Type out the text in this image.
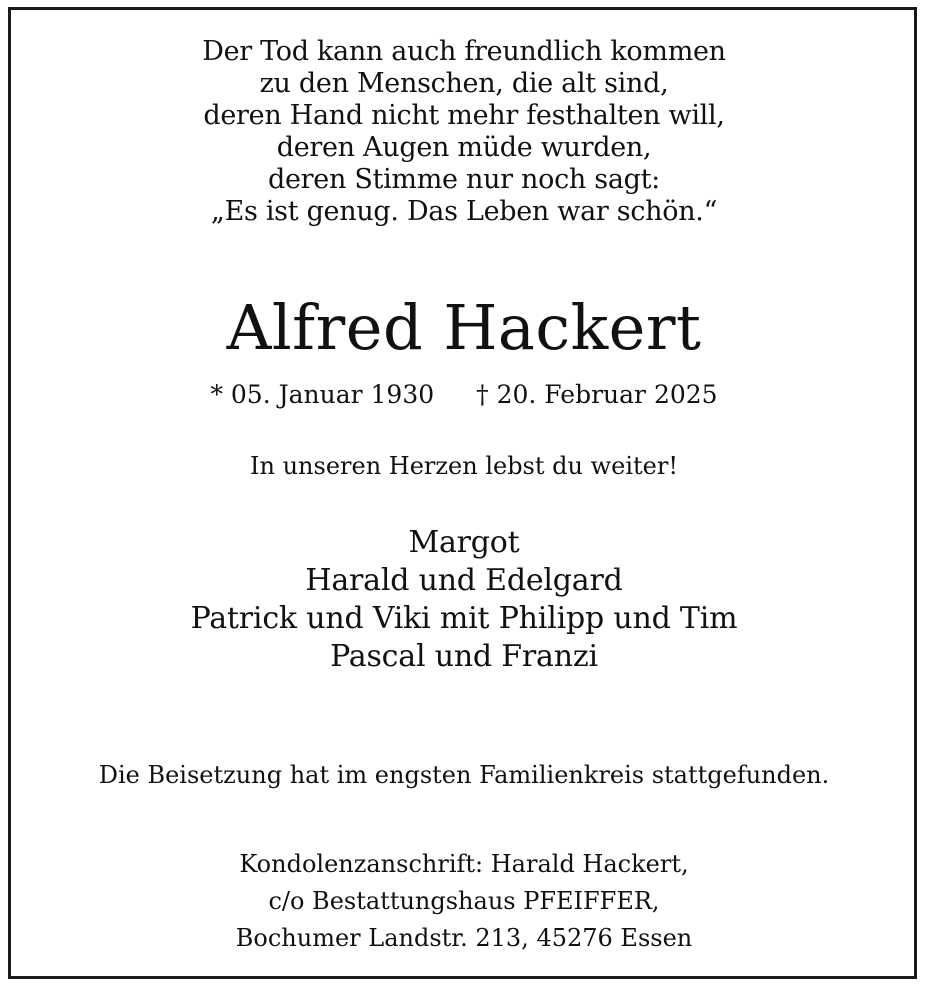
Der Tod kann auch freundlich kommen
zu den Menschen, die alt sind,
deren Hand nicht mehr festhalten will,
deren Augen müde wurden,
deren Stimme nur noch sagt:
„Es ist genug. Das Leben war schön.“
Alfred Hackert
* 05. Januar 1930 † 20. Februar 2025
In unseren Herzen lebst du weiter!
Margot
Harald und Edelgard
Patrick und Viki mit Philipp und Tim
Pascal und Franzi
Die Beisetzung hat im engsten Familienkreis stattgefunden.
Kondolenzanschrift: Harald Hackert,
c/o Bestattungshaus PFEIFFER,
Bochumer Landstr. 213, 45276 Essen
